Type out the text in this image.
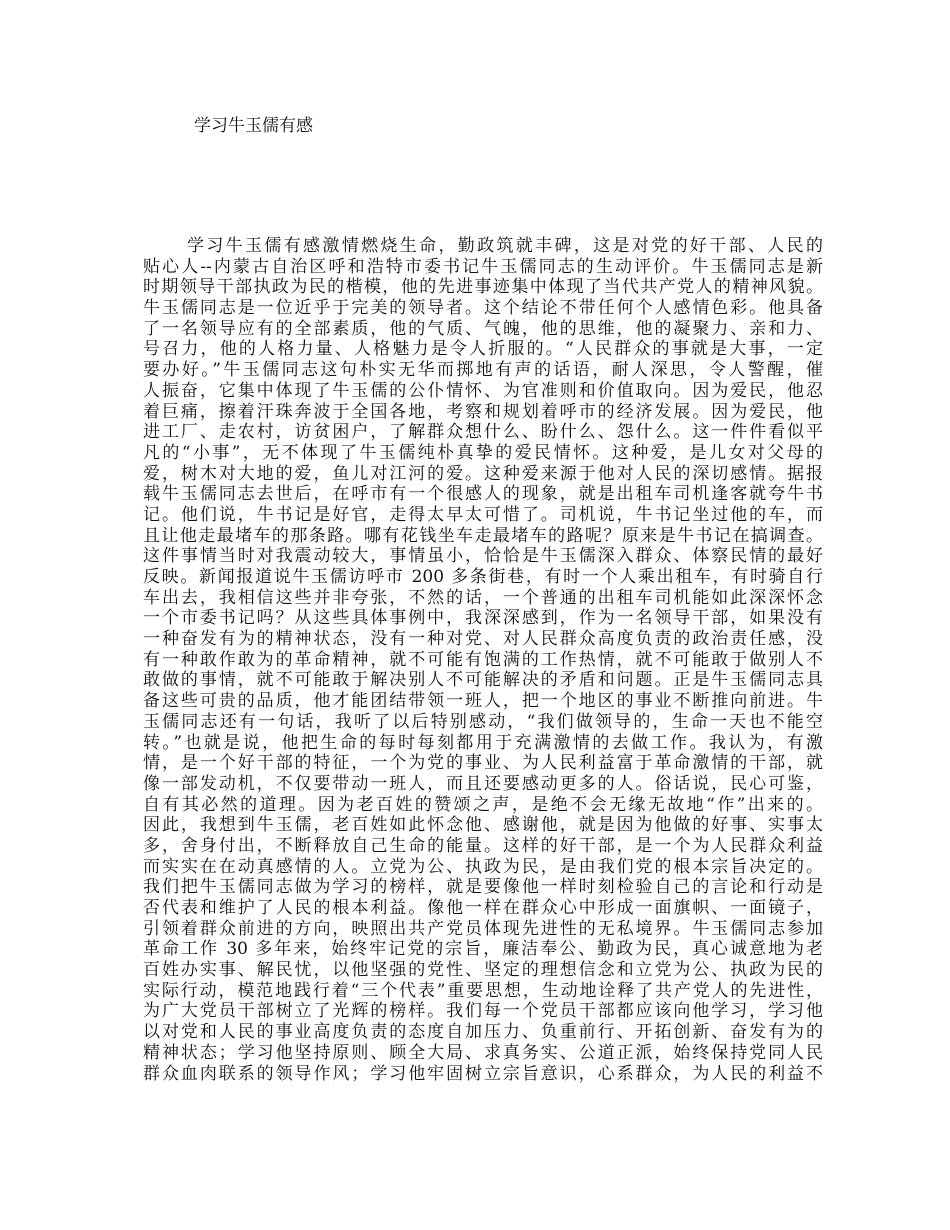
学习牛玉儒有感
学习牛玉儒有感激情燃烧生命，勤政筑就丰碑，这是对党的好干部、人民的
贴心人--内蒙古自治区呼和浩特市委书记牛玉儒同志的生动评价。牛玉儒同志是新
时期领导干部执政为民的楷模，他的先进事迹集中体现了当代共产党人的精神风貌。
牛玉儒同志是一位近乎于完美的领导者。这个结论不带任何个人感情色彩。他具备
了一名领导应有的全部素质，他的气质、气魄，他的思维，他的凝聚力、亲和力、
号召力，他的人格力量、人格魅力是令人折服的。“人民群众的事就是大事，一定
要办好。”牛玉儒同志这句朴实无华而掷地有声的话语，耐人深思，令人警醒，催
人振奋，它集中体现了牛玉儒的公仆情怀、为官准则和价值取向。因为爱民，他忍
着巨痛，擦着汗珠奔波于全国各地，考察和规划着呼市的经济发展。因为爱民，他
进工厂、走农村，访贫困户，了解群众想什么、盼什么、怨什么。这一件件看似平
凡的“小事”，无不体现了牛玉儒纯朴真挚的爱民情怀。这种爱，是儿女对父母的
爱，树木对大地的爱，鱼儿对江河的爱。这种爱来源于他对人民的深切感情。据报
载牛玉儒同志去世后，在呼市有一个很感人的现象，就是出租车司机逢客就夸牛书
记。他们说，牛书记是好官，走得太早太可惜了。司机说，牛书记坐过他的车，而
且让他走最堵车的那条路。哪有花钱坐车走最堵车的路呢？原来是牛书记在搞调查。
这件事情当时对我震动较大，事情虽小，恰恰是牛玉儒深入群众、体察民情的最好
反映。新闻报道说牛玉儒访呼市 200 多条街巷，有时一个人乘出租车，有时骑自行
车出去，我相信这些并非夸张，不然的话，一个普通的出租车司机能如此深深怀念
一个市委书记吗？从这些具体事例中，我深深感到，作为一名领导干部，如果没有
一种奋发有为的精神状态，没有一种对党、对人民群众高度负责的政治责任感，没
有一种敢作敢为的革命精神，就不可能有饱满的工作热情，就不可能敢于做别人不
敢做的事情，就不可能敢于解决别人不可能解决的矛盾和问题。正是牛玉儒同志具
备这些可贵的品质，他才能团结带领一班人，把一个地区的事业不断推向前进。牛
玉儒同志还有一句话，我听了以后特别感动，“我们做领导的，生命一天也不能空
转。”也就是说，他把生命的每时每刻都用于充满激情的去做工作。我认为，有激
情，是一个好干部的特征，一个为党的事业、为人民利益富于革命激情的干部，就
像一部发动机，不仅要带动一班人，而且还要感动更多的人。俗话说，民心可鉴，
自有其必然的道理。因为老百姓的赞颂之声，是绝不会无缘无故地“作”出来的。
因此，我想到牛玉儒，老百姓如此怀念他、感谢他，就是因为他做的好事、实事太
多，舍身付出，不断释放自己生命的能量。这样的好干部，是一个为人民群众利益
而实实在在动真感情的人。立党为公、执政为民，是由我们党的根本宗旨决定的。
我们把牛玉儒同志做为学习的榜样，就是要像他一样时刻检验自己的言论和行动是
否代表和维护了人民的根本利益。像他一样在群众心中形成一面旗帜、一面镜子，
引领着群众前进的方向，映照出共产党员体现先进性的无私境界。牛玉儒同志参加
革命工作 30 多年来，始终牢记党的宗旨，廉洁奉公、勤政为民，真心诚意地为老
百姓办实事、解民忧，以他坚强的党性、坚定的理想信念和立党为公、执政为民的
实际行动，模范地践行着“三个代表”重要思想，生动地诠释了共产党人的先进性，
为广大党员干部树立了光辉的榜样。我们每一个党员干部都应该向他学习，学习他
以对党和人民的事业高度负责的态度自加压力、负重前行、开拓创新、奋发有为的
精神状态；学习他坚持原则、顾全大局、求真务实、公道正派，始终保持党同人民
群众血肉联系的领导作风；学习他牢固树立宗旨意识，心系群众，为人民的利益不
